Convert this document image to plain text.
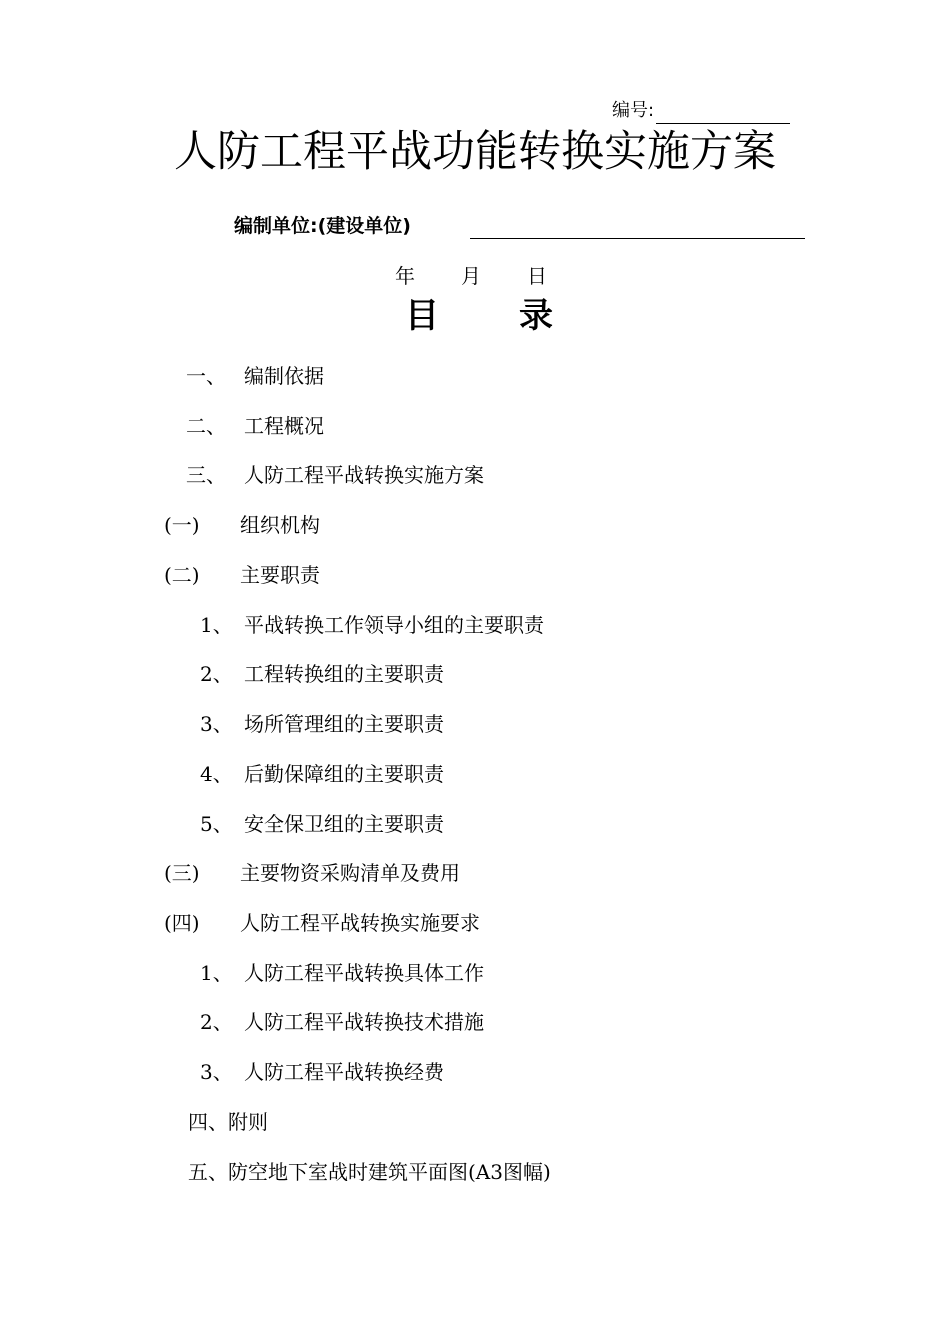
编号:
人防工程平战功能转换实施方案
编制单位:(建设单位)
年 月 日
目 录
一、 编制依据
二、 工程概况
三、 人防工程平战转换实施方案
(一) 组织机构
(二) 主要职责
1、 平战转换工作领导小组的主要职责
2、 工程转换组的主要职责
3、 场所管理组的主要职责
4、 后勤保障组的主要职责
5、 安全保卫组的主要职责
(三) 主要物资采购清单及费用
(四) 人防工程平战转换实施要求
1、 人防工程平战转换具体工作
2、 人防工程平战转换技术措施
3、 人防工程平战转换经费
四、附则
五、防空地下室战时建筑平面图(A3图幅)
